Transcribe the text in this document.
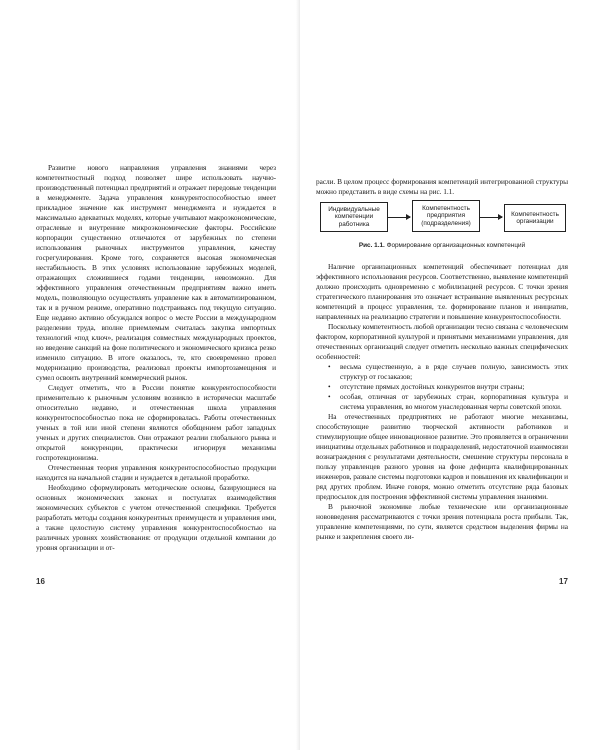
Развитие нового направления управления знаниями через компетентностный подход позволяет шире использовать научно-производственный потенциал предприятий и отражает передовые тенденции в менеджменте. Задача управления конкурентоспособностью имеет прикладное значение как инструмент менеджмента и нуждается в максимально адекватных моделях, которые учитывают макроэкономические, отраслевые и внутренние микроэкономические факторы. Российские корпорации существенно отличаются от зарубежных по степени использования рыночных инструментов управления, качеству госрегулирования. Кроме того, сохраняется высокая экономическая нестабильность. В этих условиях использование зарубежных моделей, отражающих сложившиеся годами тенденции, невозможно. Для эффективного управления отечественным предприятиям важно иметь модель, позволяющую осуществлять управление как в автоматизированном, так и в ручном режиме, оперативно подстраиваясь под текущую ситуацию. Еще недавно активно обсуждался вопрос о месте России в международном разделении труда, вполне приемлемым считалась закупка импортных технологий «под ключ», реализация совместных международных проектов, но введение санкций на фоне политического и экономического кризиса резко изменило ситуацию. В итоге оказалось, те, кто своевременно провел модернизацию производства, реализовал проекты импортозамещения и сумел освоить внутренний коммерческий рынок.

Следует отметить, что в России понятие конкурентоспособности применительно к рыночным условиям возникло в исторически масштабе относительно недавно, и отечественная школа управления конкурентоспособностью пока не сформировалась. Работы отечественных ученых в той или иной степени являются обобщением работ западных ученых и других специалистов. Они отражают реалии глобального рынка и открытой конкуренции, практически игнорируя механизмы госпротекционизма.

Отечественная теория управления конкурентоспособностью продукции находится на начальной стадии и нуждается в детальной проработке.

Необходимо сформулировать методические основы, базирующиеся на основных экономических законах и постулатах взаимодействия экономических субъектов с учетом отечественной специфики. Требуется разработать методы создания конкурентных преимуществ и управления ими, а также целостную систему управления конкурентоспособностью на различных уровнях хозяйствования: от продукции отдельной компании до уровня организации и от-

16

расли. В целом процесс формирования компетенций интегрированной структуры можно представить в виде схемы на рис. 1.1.

Индивидуальные компетенции работника
Компетентность предприятия (подразделения)
Компетентность организации
Рис. 1.1. Формирование организационных компетенций

Наличие организационных компетенций обеспечивает потенциал для эффективного использования ресурсов. Соответственно, выявление компетенций должно происходить одновременно с мобилизацией ресурсов. С точки зрения стратегического планирования это означает встраивание выявленных ресурсных компетенций в процесс управления, т.е. формирование планов и инициатив, направленных на реализацию стратегии и повышение конкурентоспособности.

Поскольку компетентность любой организации тесно связана с человеческим фактором, корпоративной культурой и принятыми механизмами управления, для отечественных организаций следует отметить несколько важных специфических особенностей:

• весьма существенную, а в ряде случаев полную, зависимость этих структур от госзаказов;
• отсутствие прямых достойных конкурентов внутри страны;
• особая, отличная от зарубежных стран, корпоративная культура и система управления, во многом унаследованная черты советской эпохи.

На отечественных предприятиях не работают многие механизмы, способствующие развитию творческой активности работников и стимулирующие общее инновационное развитие. Это проявляется в ограничении инициативы отдельных работников и подразделений, недостаточной взаимосвязи вознаграждения с результатами деятельности, смешение структуры персонала в пользу управленцев разного уровня на фоне дефицита квалифицированных инженеров, развале системы подготовки кадров и повышения их квалификации и ряд других проблем. Иначе говоря, можно отметить отсутствие ряда базовых предпосылок для построения эффективной системы управления знаниями.

В рыночной экономике любые технические или организационные нововведения рассматриваются с точки зрения потенциала роста прибыли. Так, управление компетенциями, по сути, является средством выделения фирмы на рынке и закрепления своего ли-

17
